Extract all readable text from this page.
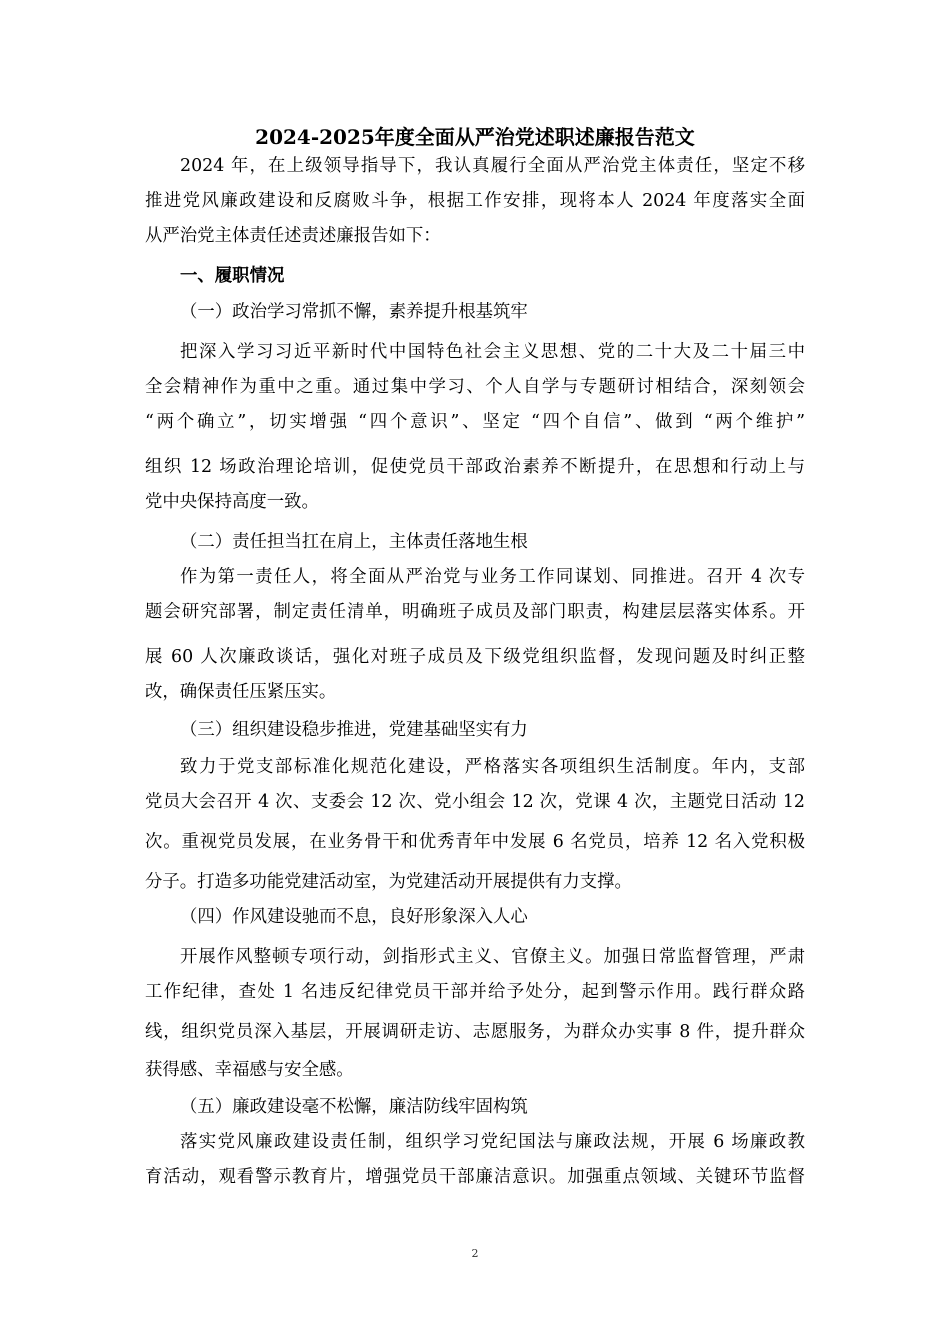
2024-2025年度全面从严治党述职述廉报告范文
2024 年，在上级领导指导下，我认真履行全面从严治党主体责任，坚定不移
推进党风廉政建设和反腐败斗争，根据工作安排，现将本人 2024 年度落实全面
从严治党主体责任述责述廉报告如下：
一、履职情况
（一）政治学习常抓不懈，素养提升根基筑牢
把深入学习习近平新时代中国特色社会主义思想、党的二十大及二十届三中
全会精神作为重中之重。通过集中学习、个人自学与专题研讨相结合，深刻领会
“两个确立”，切实增强 “四个意识”、坚定 “四个自信”、做到 “两个维护”
组织 12 场政治理论培训，促使党员干部政治素养不断提升，在思想和行动上与
党中央保持高度一致。
（二）责任担当扛在肩上，主体责任落地生根
作为第一责任人，将全面从严治党与业务工作同谋划、同推进。召开 4 次专
题会研究部署，制定责任清单，明确班子成员及部门职责，构建层层落实体系。开
展 60 人次廉政谈话，强化对班子成员及下级党组织监督，发现问题及时纠正整
改，确保责任压紧压实。
（三）组织建设稳步推进，党建基础坚实有力
致力于党支部标准化规范化建设，严格落实各项组织生活制度。年内，支部
党员大会召开 4 次、支委会 12 次、党小组会 12 次，党课 4 次，主题党日活动 12
次。重视党员发展，在业务骨干和优秀青年中发展 6 名党员，培养 12 名入党积极
分子。打造多功能党建活动室，为党建活动开展提供有力支撑。
（四）作风建设驰而不息，良好形象深入人心
开展作风整顿专项行动，剑指形式主义、官僚主义。加强日常监督管理，严肃
工作纪律，查处 1 名违反纪律党员干部并给予处分，起到警示作用。践行群众路
线，组织党员深入基层，开展调研走访、志愿服务，为群众办实事 8 件，提升群众
获得感、幸福感与安全感。
（五）廉政建设毫不松懈，廉洁防线牢固构筑
落实党风廉政建设责任制，组织学习党纪国法与廉政法规，开展 6 场廉政教
育活动，观看警示教育片，增强党员干部廉洁意识。加强重点领域、关键环节监督
2
